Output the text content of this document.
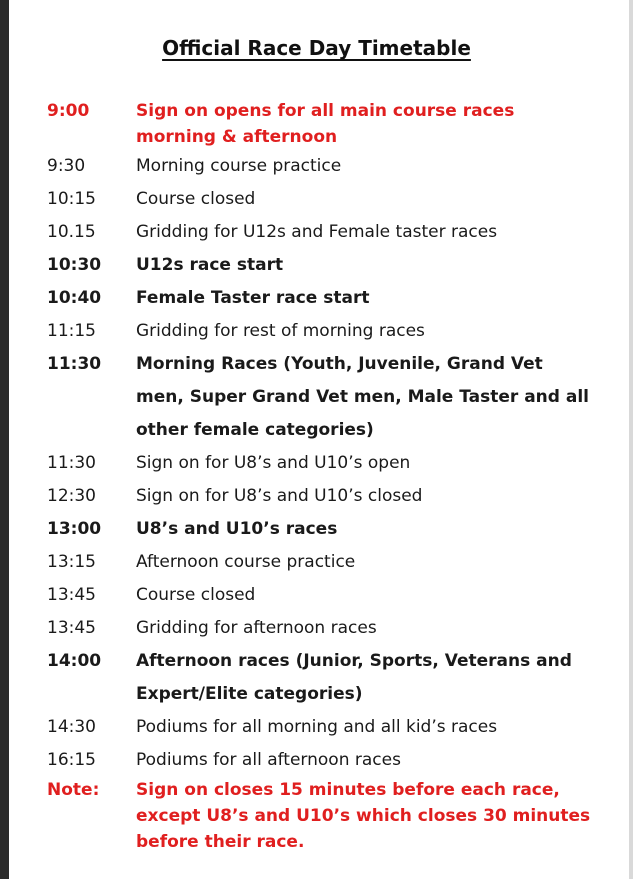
Official Race Day Timetable
9:00	Sign on opens for all main course races morning & afternoon
9:30	Morning course practice
10:15	Course closed
10.15	Gridding for U12s and Female taster races
10:30	U12s race start
10:40	Female Taster race start
11:15	Gridding for rest of morning races
11:30	Morning Races (Youth, Juvenile, Grand Vet men, Super Grand Vet men, Male Taster and all other female categories)
11:30	Sign on for U8’s and U10’s open
12:30	Sign on for U8’s and U10’s closed
13:00	U8’s and U10’s races
13:15	Afternoon course practice
13:45	Course closed
13:45	Gridding for afternoon races
14:00	Afternoon races (Junior, Sports, Veterans and Expert/Elite categories)
14:30	Podiums for all morning and all kid’s races
16:15	Podiums for all afternoon races
Note:	Sign on closes 15 minutes before each race, except U8’s and U10’s which closes 30 minutes before their race.
